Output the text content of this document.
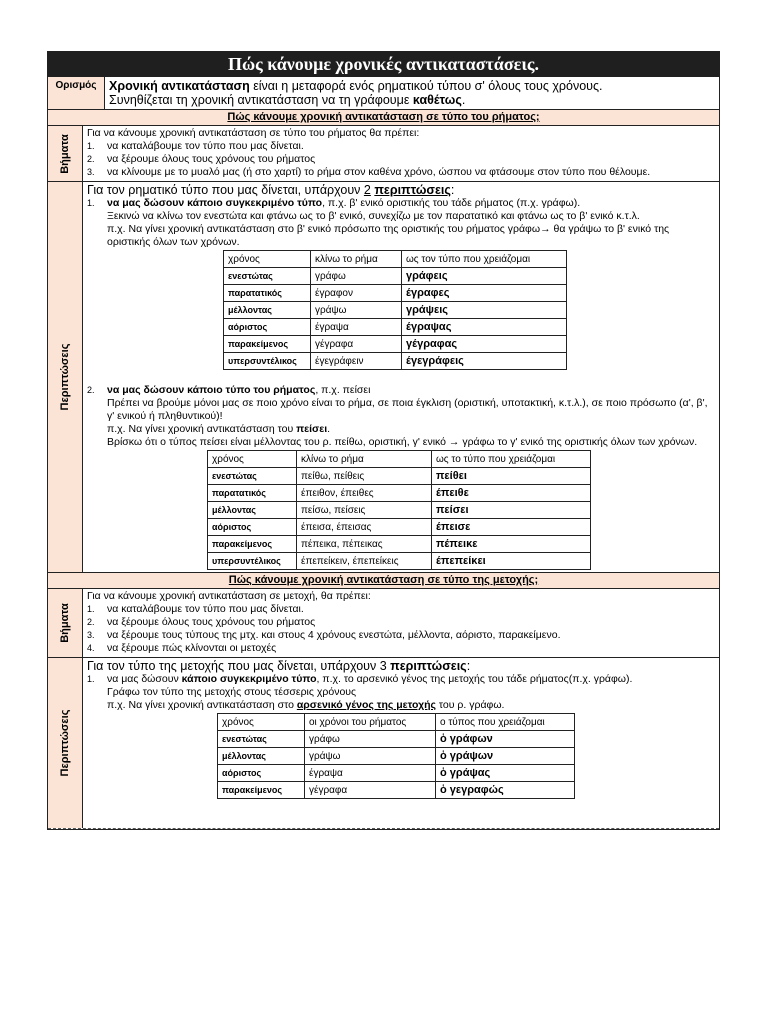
Πώς κάνουμε χρονικές αντικαταστάσεις.
Ορισμός	Χρονική αντικατάσταση είναι η μεταφορά ενός ρηματικού τύπου σ' όλους τους χρόνους.
Συνηθίζεται τη χρονική αντικατάσταση να τη γράφουμε καθέτως.
Πώς κάνουμε χρονική αντικατάσταση σε τύπο του ρήματος;
Βήματα
Για να κάνουμε χρονική αντικατάσταση σε τύπο του ρήματος θα πρέπει:
1.	να καταλάβουμε τον τύπο που μας δίνεται.
2.	να ξέρουμε όλους τους χρόνους του ρήματος
3.	να κλίνουμε με το μυαλό μας (ή στο χαρτί) το ρήμα στον καθένα χρόνο, ώσπου να φτάσουμε στον τύπο που θέλουμε.
Περιπτώσεις
Για τον ρηματικό τύπο που μας δίνεται, υπάρχουν 2 περιπτώσεις:
1.	να μας δώσουν κάποιο συγκεκριμένο τύπο, π.χ. β' ενικό οριστικής του τάδε ρήματος (π.χ. γράφω).
Ξεκινώ να κλίνω τον ενεστώτα και φτάνω ως το β' ενικό, συνεχίζω με τον παρατατικό και φτάνω ως το β' ενικό κ.τ.λ.
π.χ. Να γίνει χρονική αντικατάσταση στο β' ενικό πρόσωπο της οριστικής του ρήματος γράφω→ θα γράψω το β' ενικό της οριστικής όλων των χρόνων.
χρόνος	κλίνω το ρήμα	ως τον τύπο που χρειάζομαι
ενεστώτας	γράφω	γράφεις
παρατατικός	έγραφον	έγραφες
μέλλοντας	γράψω	γράψεις
αόριστος	έγραψα	έγραψας
παρακείμενος	γέγραφα	γέγραφας
υπερσυντέλικος	έγεγράφειν	έγεγράφεις
2.	να μας δώσουν κάποιο τύπο του ρήματος, π.χ. πείσει
Πρέπει να βρούμε μόνοι μας σε ποιο χρόνο είναι το ρήμα, σε ποια έγκλιση (οριστική, υποτακτική, κ.τ.λ.), σε ποιο πρόσωπο (α', β', γ' ενικού ή πληθυντικού)!
π.χ. Να γίνει χρονική αντικατάσταση του πείσει.
Βρίσκω ότι ο τύπος πείσει είναι μέλλοντας του ρ. πείθω, οριστική, γ' ενικό → γράφω το γ' ενικό της οριστικής όλων των χρόνων.
χρόνος	κλίνω το ρήμα	ως το τύπο που χρειάζομαι
ενεστώτας	πείθω, πείθεις	πείθει
παρατατικός	έπειθον, έπειθες	έπειθε
μέλλοντας	πείσω, πείσεις	πείσει
αόριστος	έπεισα, έπεισας	έπεισε
παρακείμενος	πέπεικα, πέπεικας	πέπεικε
υπερσυντέλικος	έπεπείκειν, έπεπείκεις	έπεπείκει
Πώς κάνουμε χρονική αντικατάσταση σε τύπο της μετοχής;
Βήματα
Για να κάνουμε χρονική αντικατάσταση σε μετοχή, θα πρέπει:
1.	να καταλάβουμε τον τύπο που μας δίνεται.
2.	να ξέρουμε όλους τους χρόνους του ρήματος
3.	να ξέρουμε τους τύπους της μτχ. και στους 4 χρόνους ενεστώτα, μέλλοντα, αόριστο, παρακείμενο.
4.	να ξέρουμε πώς κλίνονται οι μετοχές
Περιπτώσεις
Για τον τύπο της μετοχής που μας δίνεται, υπάρχουν 3 περιπτώσεις:
1.	να μας δώσουν κάποιο συγκεκριμένο τύπο, π.χ. το αρσενικό γένος της μετοχής του τάδε ρήματος(π.χ. γράφω).
Γράφω τον τύπο της μετοχής στους τέσσερις χρόνους
π.χ. Να γίνει χρονική αντικατάσταση στο αρσενικό γένος της μετοχής του ρ. γράφω.
χρόνος	οι χρόνοι του ρήματος	ο τύπος που χρειάζομαι
ενεστώτας	γράφω	ὁ γράφων
μέλλοντας	γράψω	ὁ γράψων
αόριστος	έγραψα	ὁ γράψας
παρακείμενος	γέγραφα	ὁ γεγραφώς
